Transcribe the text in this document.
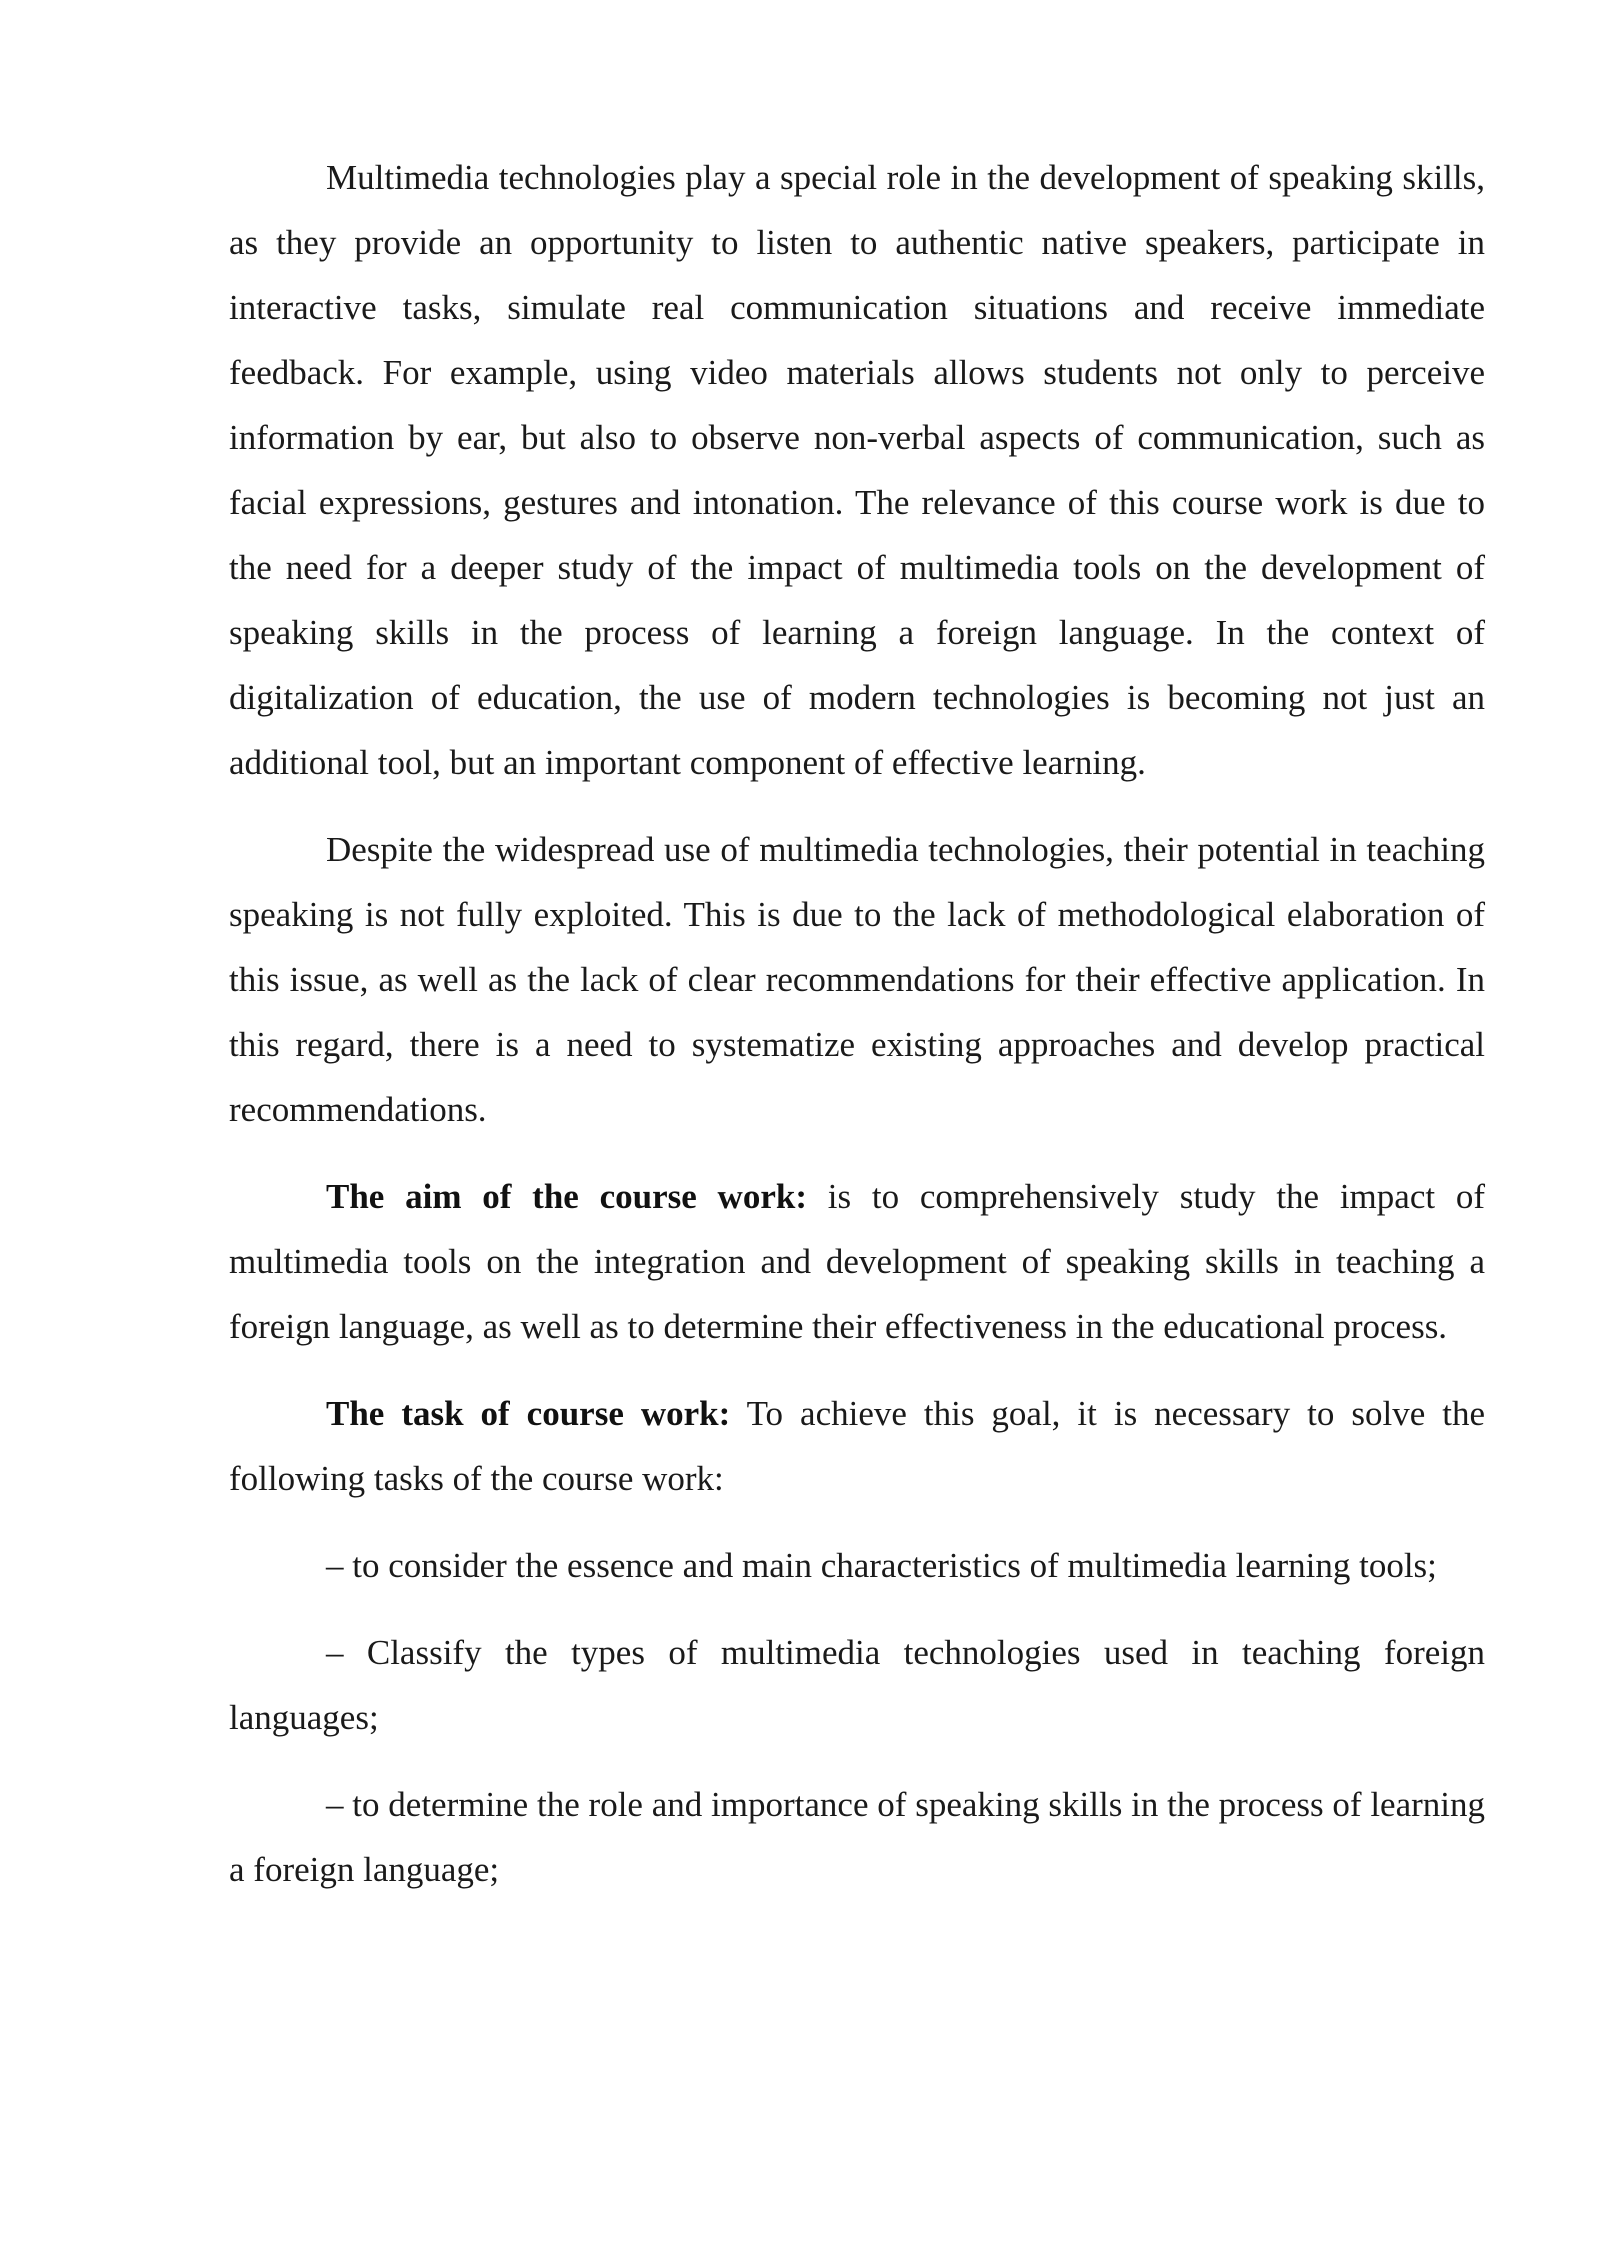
Multimedia technologies play a special role in the development of speaking skills, as they provide an opportunity to listen to authentic native speakers, participate in interactive tasks, simulate real communication situations and receive immediate feedback. For example, using video materials allows students not only to perceive information by ear, but also to observe non-verbal aspects of communication, such as facial expressions, gestures and intonation. The relevance of this course work is due to the need for a deeper study of the impact of multimedia tools on the development of speaking skills in the process of learning a foreign language. In the context of digitalization of education, the use of modern technologies is becoming not just an additional tool, but an important component of effective learning.

Despite the widespread use of multimedia technologies, their potential in teaching speaking is not fully exploited. This is due to the lack of methodological elaboration of this issue, as well as the lack of clear recommendations for their effective application. In this regard, there is a need to systematize existing approaches and develop practical recommendations.

The aim of the course work: is to comprehensively study the impact of multimedia tools on the integration and development of speaking skills in teaching a foreign language, as well as to determine their effectiveness in the educational process.

The task of course work: To achieve this goal, it is necessary to solve the following tasks of the course work:

– to consider the essence and main characteristics of multimedia learning tools;

– Classify the types of multimedia technologies used in teaching foreign languages;

– to determine the role and importance of speaking skills in the process of learning a foreign language;
